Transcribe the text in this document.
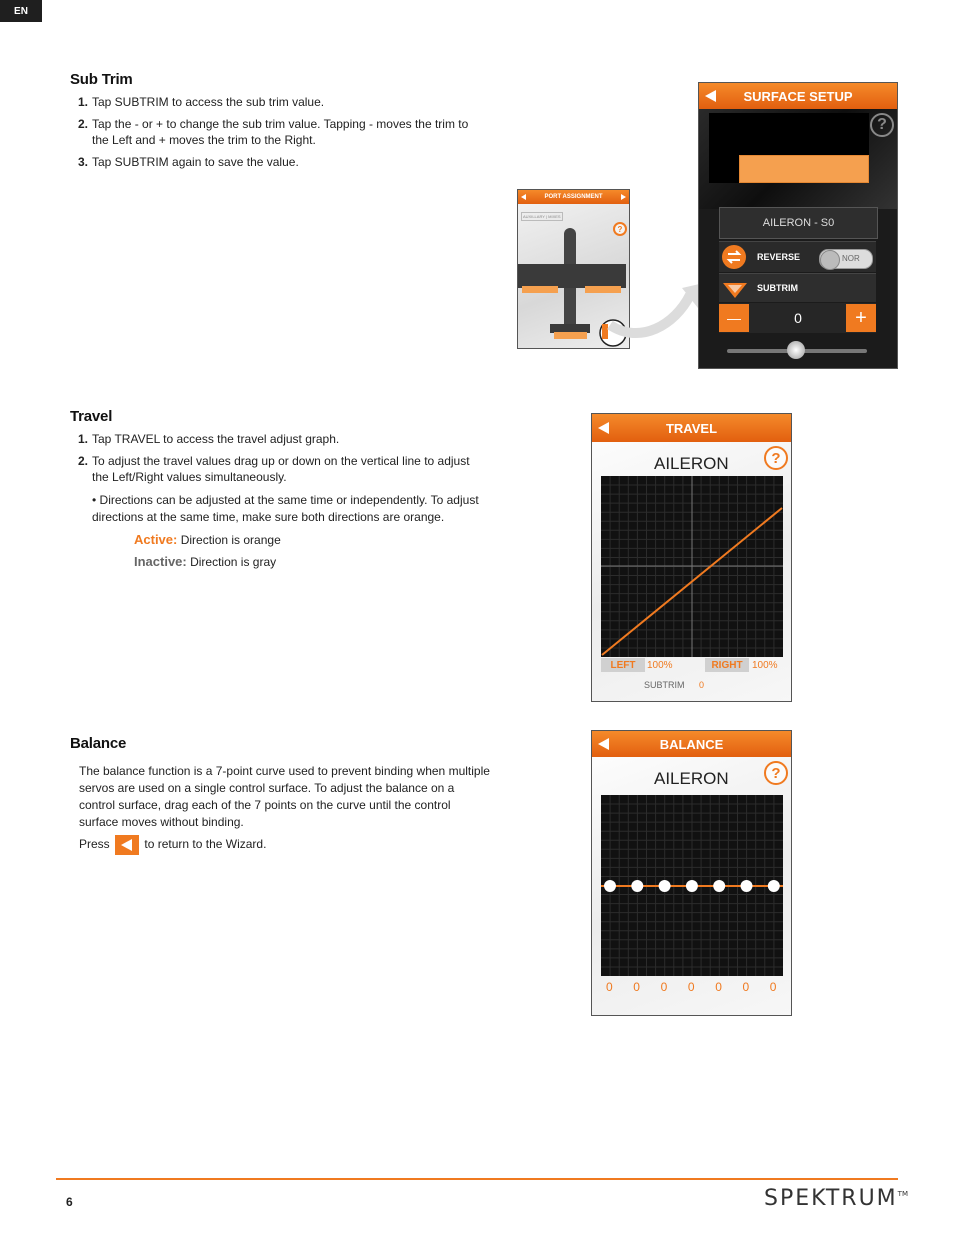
EN
Sub Trim
1. Tap SUBTRIM to access the sub trim value.
2. Tap the - or + to change the sub trim value. Tapping - moves the trim to the Left and + moves the trim to the Right.
3. Tap SUBTRIM again to save the value.
PORT ASSIGNMENT
AUXILLARY | MIXES
?
SURFACE SETUP
?
AILERON - S0
REVERSE	NOR
SUBTRIM
—	0	+
Travel
1. Tap TRAVEL to access the travel adjust graph.
2. To adjust the travel values drag up or down on the vertical line to adjust the Left/Right values simultaneously.

• Directions can be adjusted at the same time or independently. To adjust directions at the same time, make sure both directions are orange.

Active: Direction is orange

Inactive: Direction is gray

TRAVEL
AILERON	?
LEFT	100%	RIGHT 100%
SUBTRIM 0
Balance

The balance function is a 7-point curve used to prevent binding when multiple servos are used on a single control surface. To adjust the balance on a control surface, drag each of the 7 points on the curve until the control surface moves without binding.

Press	to return to the Wizard.

BALANCE
AILERON	?
0 0 0 0 0 0 0
6	SPEKTRUM™
